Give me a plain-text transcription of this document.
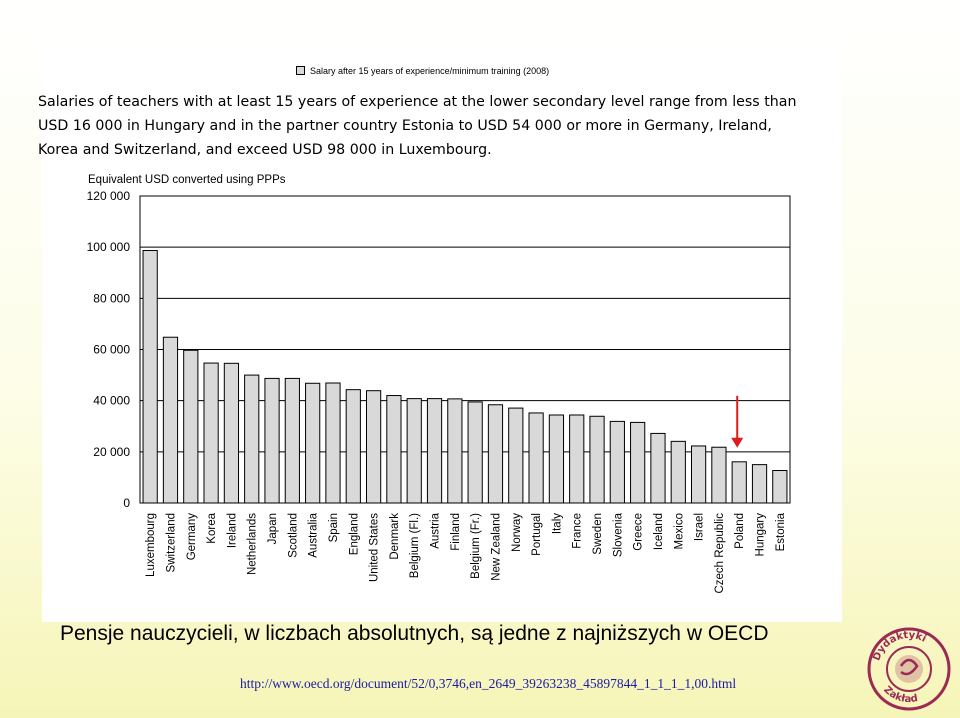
Salary after 15 years of experience/minimum training (2008)
Salaries of teachers with at least 15 years of experience at the lower secondary level range from less than USD 16 000 in Hungary and in the partner country Estonia to USD 54 000 or more in Germany, Ireland, Korea and Switzerland, and exceed USD 98 000 in Luxembourg.
Equivalent USD converted using PPPs
0
20 000
40 000
60 000
80 000
100 000
120 000
Luxembourg Switzerland Germany Korea Ireland Netherlands Japan Scotland Australia Spain England United States Denmark Belgium (Fl.) Austria Finland Belgium (Fr.) New Zealand Norway Portugal Italy France Sweden Slovenia Greece Iceland Mexico Israel Czech Republic Poland Hungary Estonia
Pensje nauczycieli, w liczbach absolutnych, są jedne z najniższych w OECD
http://www.oecd.org/document/52/0,3746,en_2649_39263238_45897844_1_1_1_1,00.html
Dydaktyki
Zakład
